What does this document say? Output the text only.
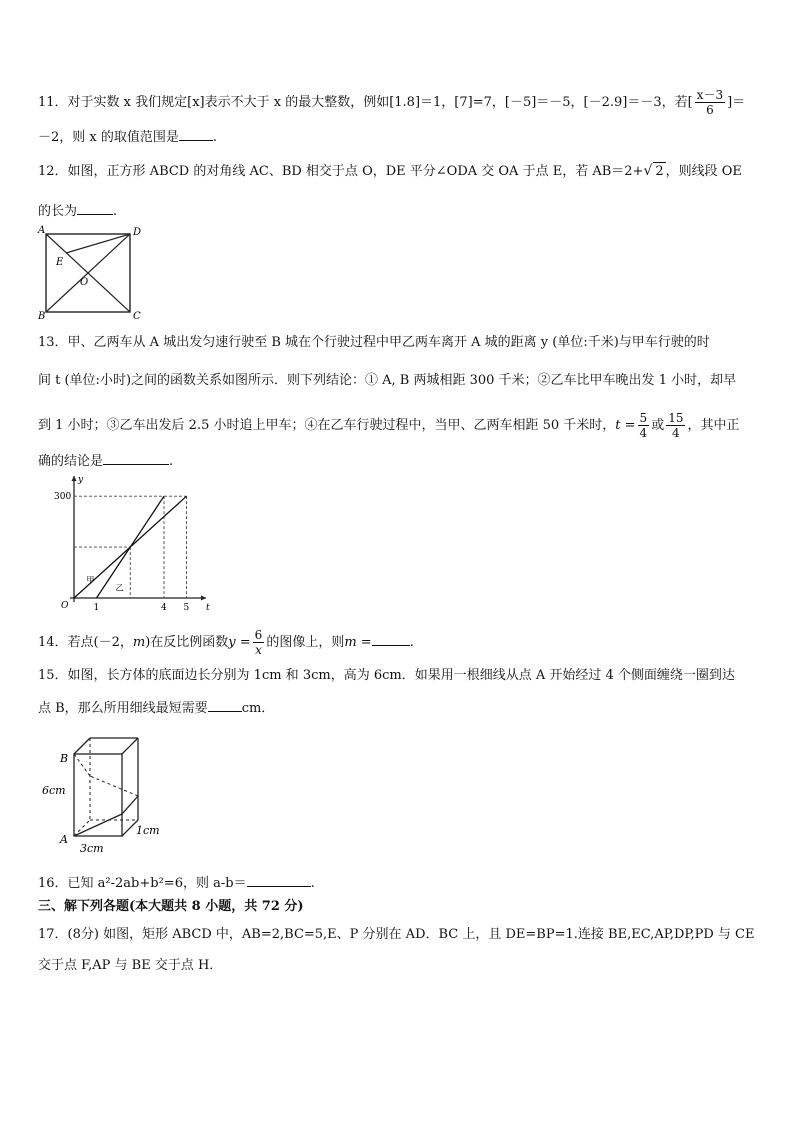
11．对于实数 x 我们规定[x]表示不大于 x 的最大整数，例如[1.8]＝1，[7]=7，[－5]＝－5，[－2.9]＝－3，若[ $\frac{x-3}{6}$ ]＝
－2，则 x 的取值范围是	.
12．如图，正方形 ABCD 的对角线 AC、BD 相交于点 O，DE 平分∠ODA 交 OA 于点 E，若 AB＝2+√ 2 ，则线段 OE
的长为	.
A	D
B	C
E
O
13．甲、乙两车从 A 城出发匀速行驶至 B 城在个行驶过程中甲乙两车离开 A 城的距离 y (单位:千米)与甲车行驶的时
间 t (单位:小时)之间的函数关系如图所示．则下列结论：① A, B 两城相距 300 千米；②乙车比甲车晚出发 1 小时，却早
到 1 小时；③乙车出发后 2.5 小时追上甲车；④在乙车行驶过程中，当甲、乙两车相距 50 千米时，$t = \frac{5}{4}$ 或 $\frac{15}{4}$ ，其中正
确的结论是	.
t
y
O
甲
乙
1	4 5
300
14．若点(－2，m)在反比例函数$y = \frac{6}{x}$ 的图像上，则m =	.
15．如图，长方体的底面边长分别为 1cm 和 3cm，高为 6cm．如果用一根细线从点 A 开始经过 4 个侧面缠绕一圈到达
点 B，那么所用细线最短需要	cm．
B
A
6cm
3cm
1cm
16．已知 a²-2ab+b²=6，则 a-b＝	.
三、解下列各题(本大题共 8 小题，共 72 分)
17．(8分) 如图，矩形 ABCD 中，AB=2,BC=5,E、P 分别在 AD．BC 上，且 DE=BP=1.连接 BE,EC,AP,DP,PD 与 CE
交于点 F,AP 与 BE 交于点 H．
